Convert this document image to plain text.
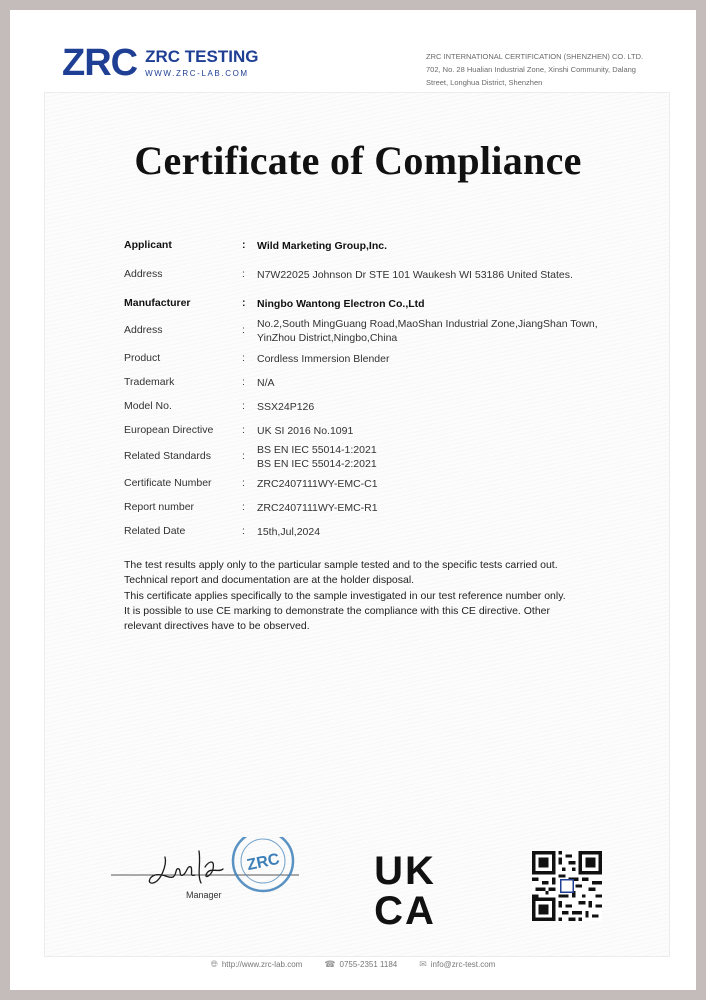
ZRC ZRC TESTING
WWW.ZRC-LAB.COM
ZRC INTERNATIONAL CERTIFICATION (SHENZHEN) CO. LTD.
702, No. 28 Hualian Industrial Zone, Xinshi Community, Dalang
Street, Longhua District, Shenzhen
Certificate of Compliance
Applicant	:	Wild Marketing Group,Inc.
Address	:	N7W22025 Johnson Dr STE 101 Waukesh WI 53186 United States.
Manufacturer	:	Ningbo Wantong Electron Co.,Ltd
Address	:	No.2,South MingGuang Road,MaoShan Industrial Zone,JiangShan Town,
YinZhou District,Ningbo,China
Product	:	Cordless Immersion Blender
Trademark	:	N/A
Model No.	:	SSX24P126
European Directive	:	UK SI 2016 No.1091
Related Standards	:	BS EN IEC 55014-1:2021
BS EN IEC 55014-2:2021
Certificate Number	:	ZRC2407111WY-EMC-C1
Report number	:	ZRC2407111WY-EMC-R1
Related Date	:	15th,Jul,2024
The test results apply only to the particular sample tested and to the specific tests carried out.
Technical report and documentation are at the holder disposal.
This certificate applies specifically to the sample investigated in our test reference number only.
It is possible to use CE marking to demonstrate the compliance with this CE directive. Other
relevant directives have to be observed.
ZRC
Manager
UK
CA
🌐︎ http://www.zrc-lab.com ☎ 0755-2351 1184 ✉ info@zrc-test.com
